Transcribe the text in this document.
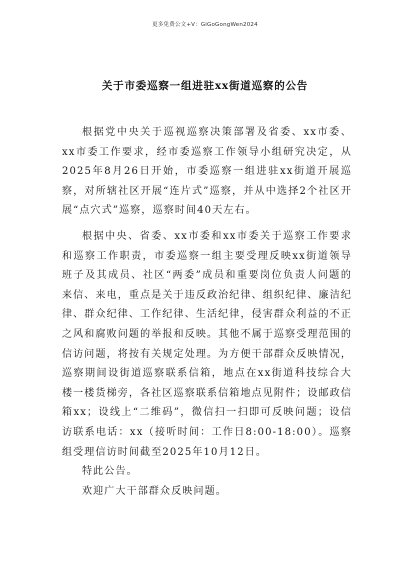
更多免费公文+V：GiGoGongWen2024
关于市委巡察一组进驻xx街道巡察的公告

根据党中央关于巡视巡察决策部署及省委、xx市委、xx市委工作要求，经市委巡察工作领导小组研究决定，从2025年8月26日开始，市委巡察一组进驻xx街道开展巡察，对所辖社区开展“连片式”巡察，并从中选择2个社区开展“点穴式”巡察，巡察时间40天左右。

根据中央、省委、xx市委和xx市委关于巡察工作要求和巡察工作职责，市委巡察一组主要受理反映xx街道领导班子及其成员、社区“两委”成员和重要岗位负责人问题的来信、来电，重点是关于违反政治纪律、组织纪律、廉洁纪律、群众纪律、工作纪律、生活纪律，侵害群众利益的不正之风和腐败问题的举报和反映。其他不属于巡察受理范围的信访问题，将按有关规定处理。为方便干部群众反映情况，巡察期间设街道巡察联系信箱，地点在xx街道科技综合大楼一楼货梯旁，各社区巡察联系信箱地点见附件；设邮政信箱xx；设线上“二维码”，微信扫一扫即可反映问题；设信访联系电话：xx（接听时间：工作日8:00-18:00）。巡察组受理信访时间截至2025年10月12日。

特此公告。

欢迎广大干部群众反映问题。
